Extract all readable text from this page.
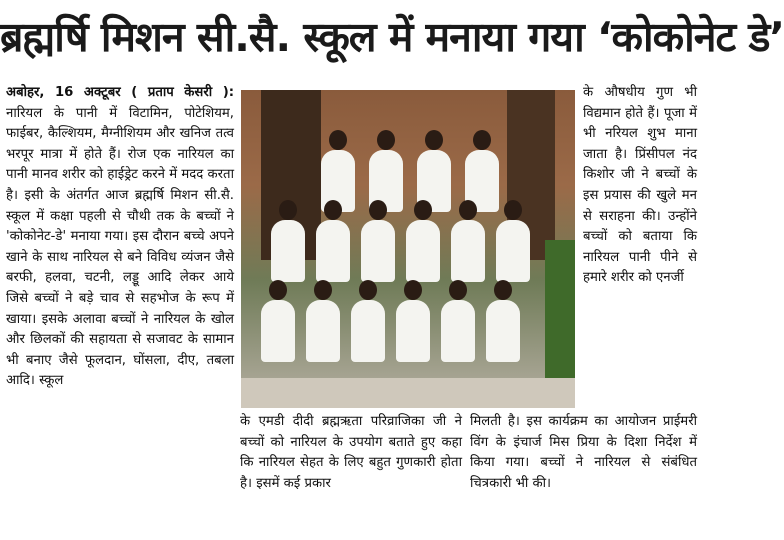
ब्रह्मर्षि मिशन सी.सै. स्कूल में मनाया गया ‘कोकोनेट डे’
अबोहर, 16 अक्टूबर ( प्रताप केसरी ): नारियल के पानी में विटामिन, पोटेशियम, फाईबर, कैल्शियम, मैग्नीशियम और खनिज तत्व भरपूर मात्रा में होते हैं। रोज एक नारियल का पानी मानव शरीर को हाईड्रेट करने में मदद करता है। इसी के अंतर्गत आज ब्रह्मर्षि मिशन सी.सै. स्कूल में कक्षा पहली से चौथी तक के बच्चों ने 'कोकोनेट-डे' मनाया गया। इस दौरान बच्चे अपने खाने के साथ नारियल से बने विविध व्यंजन जैसे बरफी, हलवा, चटनी, लड्डू आदि लेकर आये जिसे बच्चों ने बड़े चाव से सहभोज के रूप में खाया। इसके अलावा बच्चों ने नारियल के खोल और छिलकों की सहायता से सजावट के सामान भी बनाए जैसे फूलदान, घोंसला, दीए, तबला आदि। स्कूल
के औषधीय गुण भी विद्यमान होते हैं। पूजा में भी नरियल शुभ माना जाता है। प्रिंसीपल नंद किशोर जी ने बच्चों के इस प्रयास की खुले मन से सराहना की। उन्होंने बच्चों को बताया कि नारियल पानी पीने से हमारे शरीर को एनर्जी
के एमडी दीदी ब्रह्मऋता परिव्राजिका जी ने बच्चों को नारियल के उपयोग बताते हुए कहा कि नारियल सेहत के लिए बहुत गुणकारी होता है। इसमें कई प्रकार
मिलती है। इस कार्यक्रम का आयोजन प्राईमरी विंग के इंचार्ज मिस प्रिया के दिशा निर्देश में किया गया। बच्चों ने नारियल से संबंधित चित्रकारी भी की।
